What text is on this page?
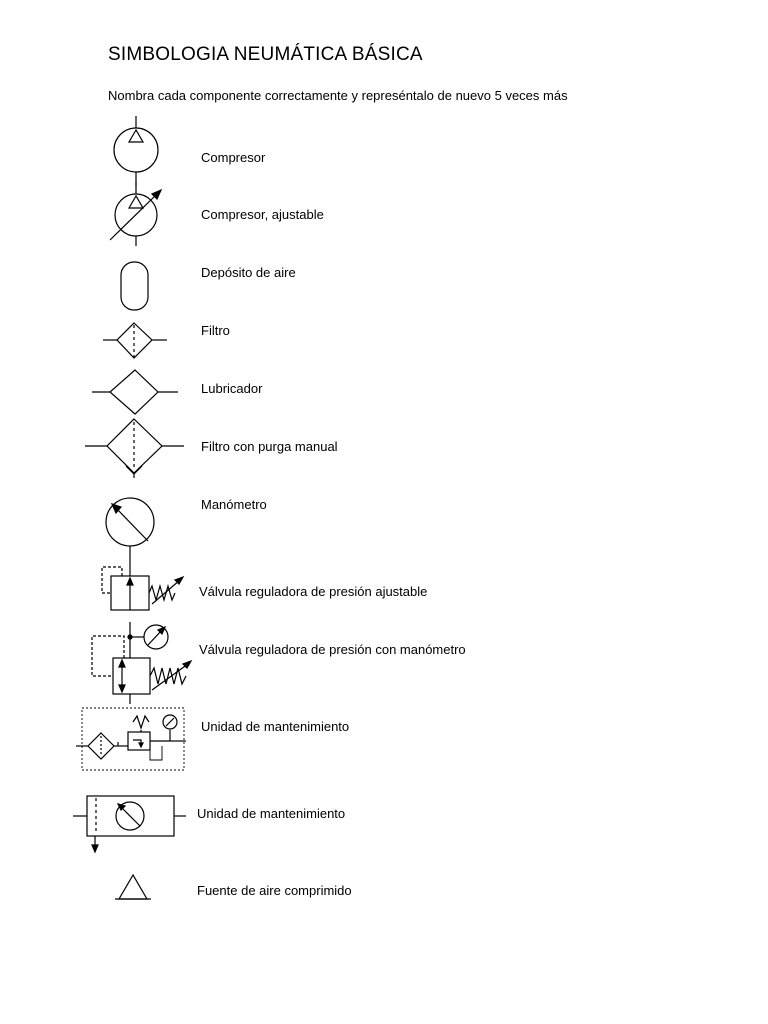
SIMBOLOGIA NEUMÁTICA BÁSICA

Nombra cada componente correctamente y represéntalo de nuevo 5 veces más

Compresor
Compresor, ajustable
Depósito de aire
Filtro
Lubricador
Filtro con purga manual
Manómetro
Válvula reguladora de presión ajustable
Válvula reguladora de presión con manómetro
Unidad de mantenimiento
Unidad de mantenimiento
Fuente de aire comprimido
